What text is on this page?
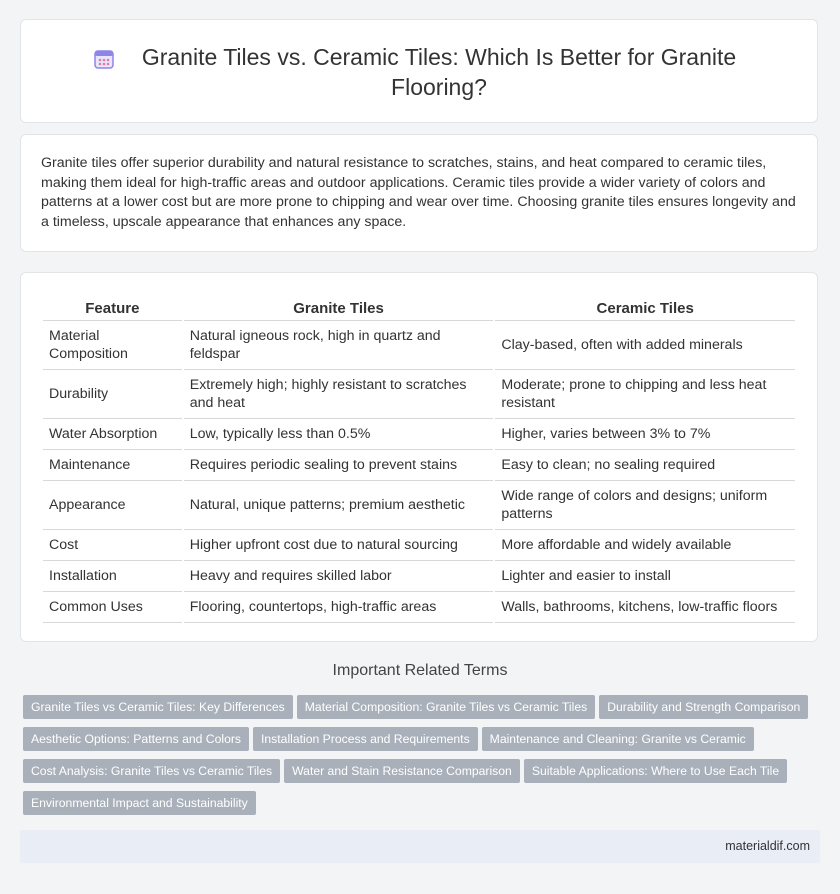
Granite Tiles vs. Ceramic Tiles: Which Is Better for Granite Flooring?
Granite tiles offer superior durability and natural resistance to scratches, stains, and heat compared to ceramic tiles, making them ideal for high-traffic areas and outdoor applications. Ceramic tiles provide a wider variety of colors and patterns at a lower cost but are more prone to chipping and wear over time. Choosing granite tiles ensures longevity and a timeless, upscale appearance that enhances any space.
Feature	Granite Tiles	Ceramic Tiles
Material Composition	Natural igneous rock, high in quartz and feldspar	Clay-based, often with added minerals
Durability	Extremely high; highly resistant to scratches and heat	Moderate; prone to chipping and less heat resistant
Water Absorption	Low, typically less than 0.5%	Higher, varies between 3% to 7%
Maintenance	Requires periodic sealing to prevent stains	Easy to clean; no sealing required
Appearance	Natural, unique patterns; premium aesthetic	Wide range of colors and designs; uniform patterns
Cost	Higher upfront cost due to natural sourcing	More affordable and widely available
Installation	Heavy and requires skilled labor	Lighter and easier to install
Common Uses	Flooring, countertops, high-traffic areas	Walls, bathrooms, kitchens, low-traffic floors
Important Related Terms
Granite Tiles vs Ceramic Tiles: Key Differences Material Composition: Granite Tiles vs Ceramic Tiles Durability and Strength ComparisonAesthetic Options: Patterns and Colors Installation Process and Requirements Maintenance and Cleaning: Granite vs CeramicCost Analysis: Granite Tiles vs Ceramic Tiles Water and Stain Resistance Comparison Suitable Applications: Where to Use Each TileEnvironmental Impact and Sustainability
materialdif.com
